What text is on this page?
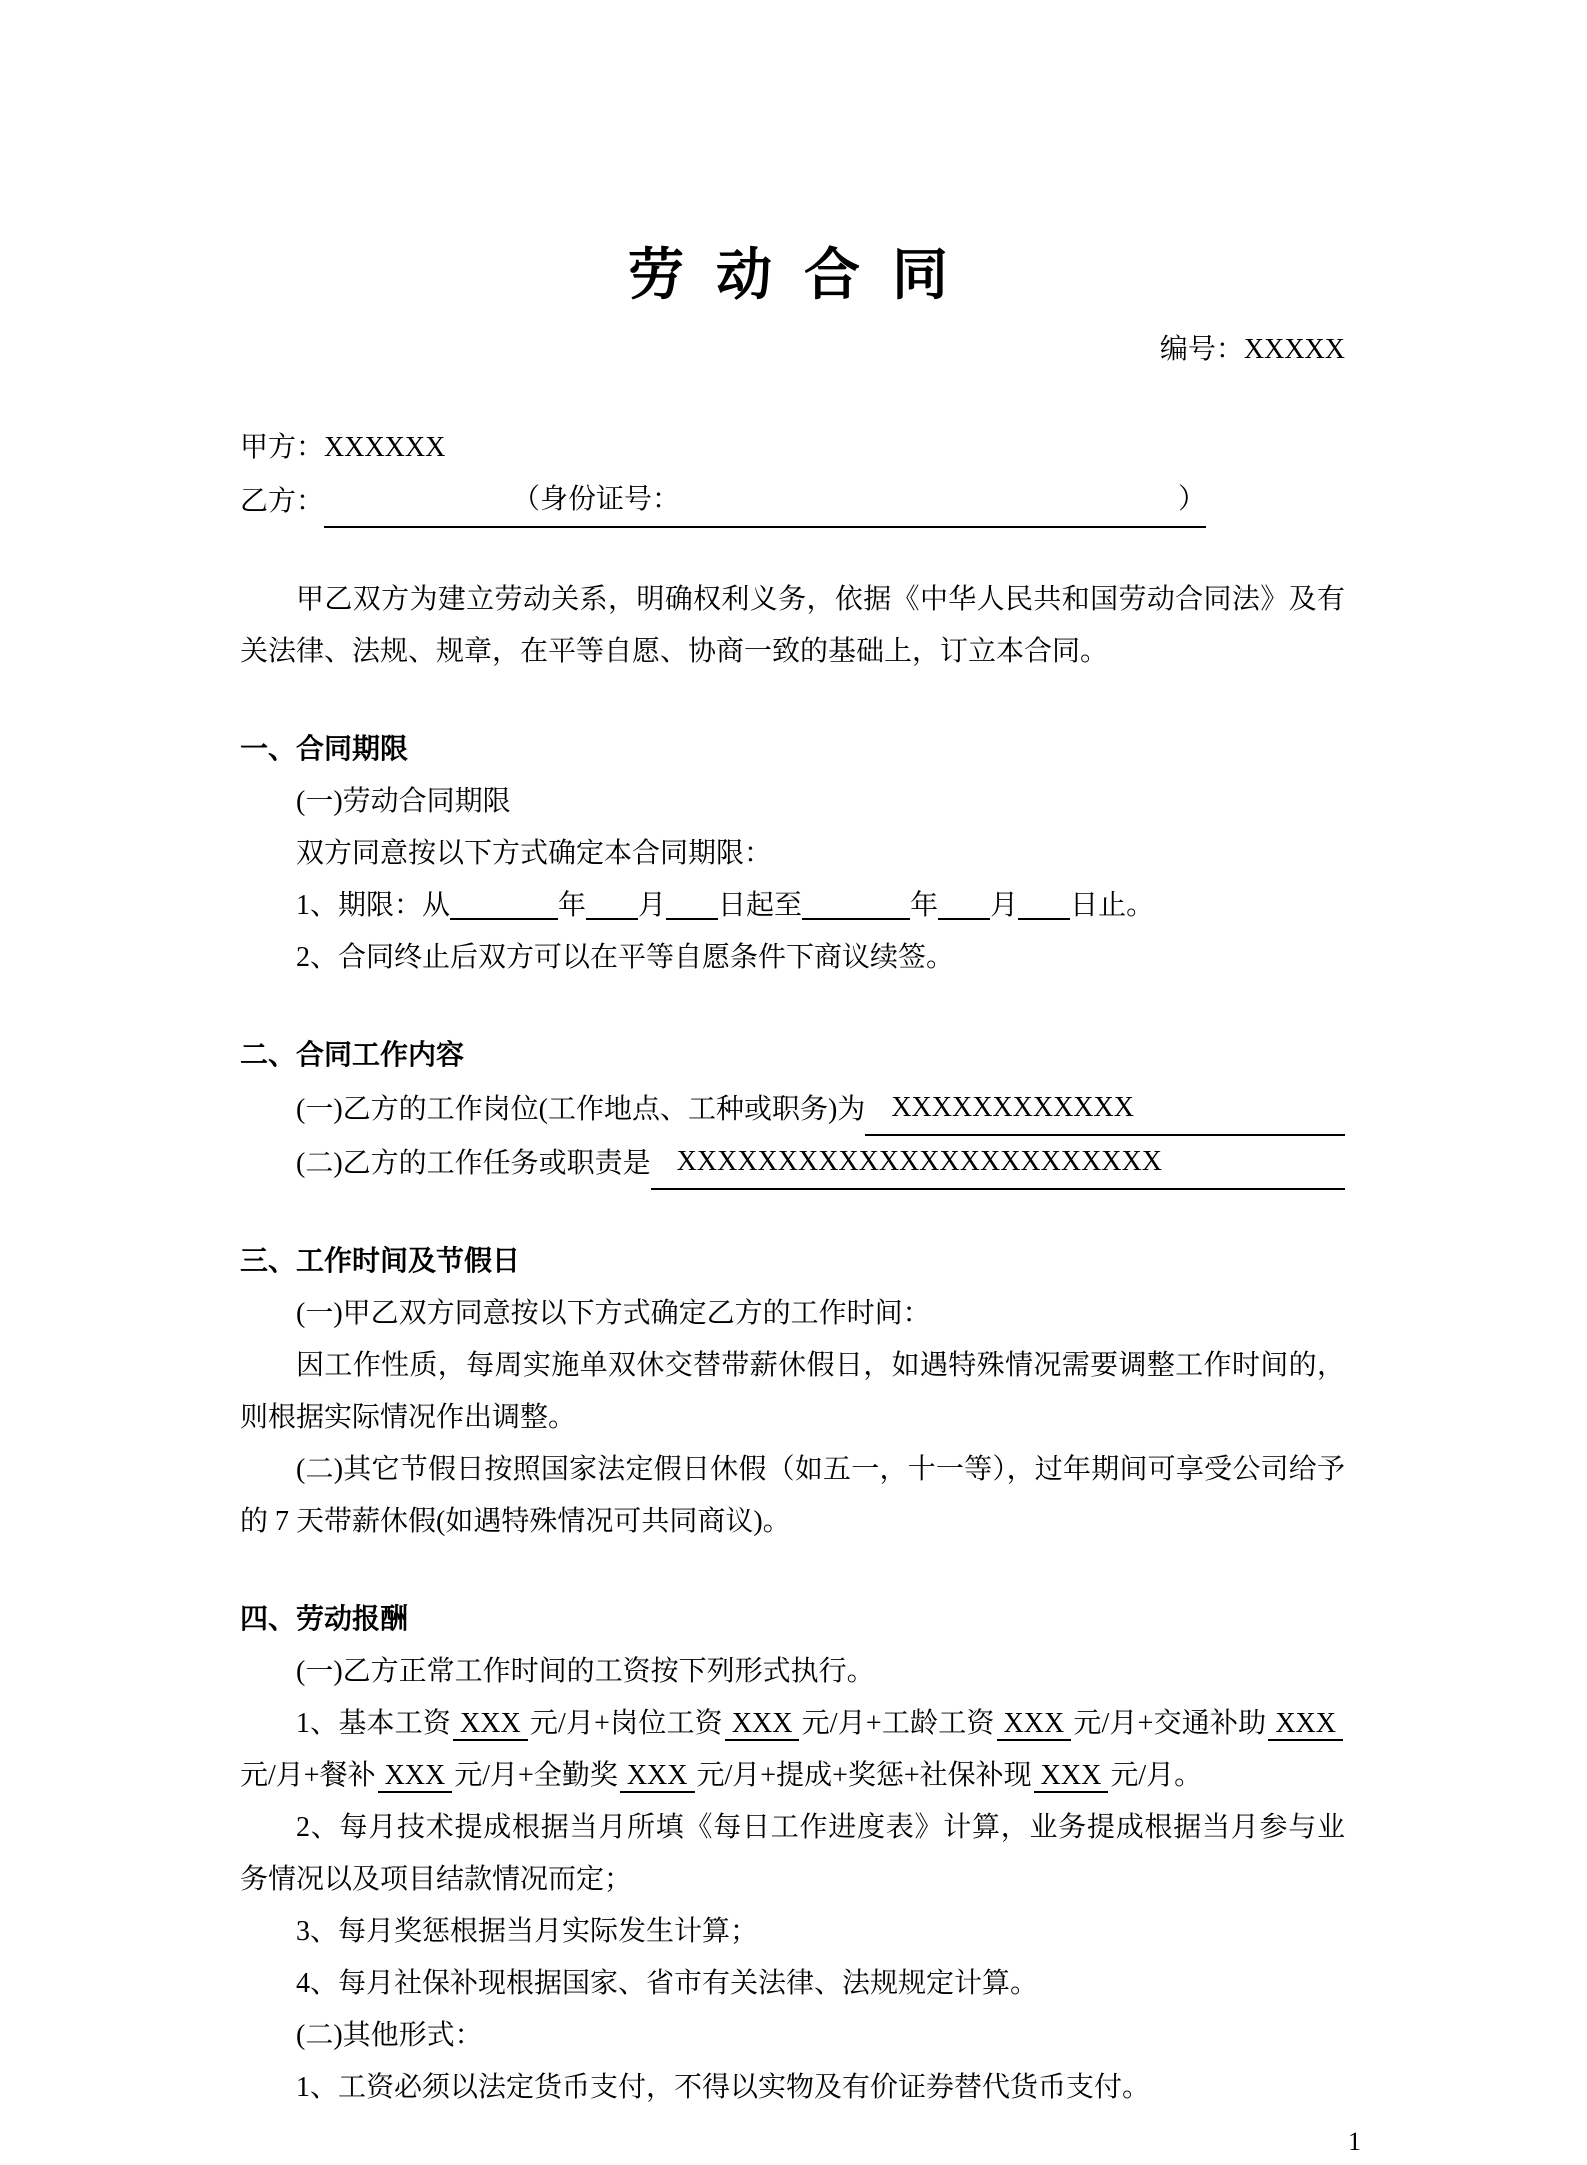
劳 动 合 同
编号：XXXXX
甲方：XXXXXX
乙方：	（身份证号：	）

甲乙双方为建立劳动关系，明确权利义务，依据《中华人民共和国劳动合同法》及有关法律、法规、规章，在平等自愿、协商一致的基础上，订立本合同。

一、合同期限

(一)劳动合同期限

双方同意按以下方式确定本合同期限：

1、期限：从	年 月 日起至	年 月 日止。

2、合同终止后双方可以在平等自愿条件下商议续签。

二、合同工作内容
(一)乙方的工作岗位(工作地点、工种或职务)为 XXXXXXXXXXXX
(二)乙方的工作任务或职责是 XXXXXXXXXXXXXXXXXXXXXXXX
三、工作时间及节假日

(一)甲乙双方同意按以下方式确定乙方的工作时间：

因工作性质，每周实施单双休交替带薪休假日，如遇特殊情况需要调整工作时间的，则根据实际情况作出调整。

(二)其它节假日按照国家法定假日休假（如五一，十一等），过年期间可享受公司给予的 7 天带薪休假(如遇特殊情况可共同商议)。

四、劳动报酬

(一)乙方正常工作时间的工资按下列形式执行。

1、基本工资 XXX 元/月+岗位工资 XXX 元/月+工龄工资 XXX 元/月+交通补助 XXX元/月+餐补 XXX 元/月+全勤奖 XXX 元/月+提成+奖惩+社保补现 XXX 元/月。

2、每月技术提成根据当月所填《每日工作进度表》计算，业务提成根据当月参与业务情况以及项目结款情况而定；

3、每月奖惩根据当月实际发生计算；

4、每月社保补现根据国家、省市有关法律、法规规定计算。

(二)其他形式：

1、工资必须以法定货币支付，不得以实物及有价证券替代货币支付。

1
